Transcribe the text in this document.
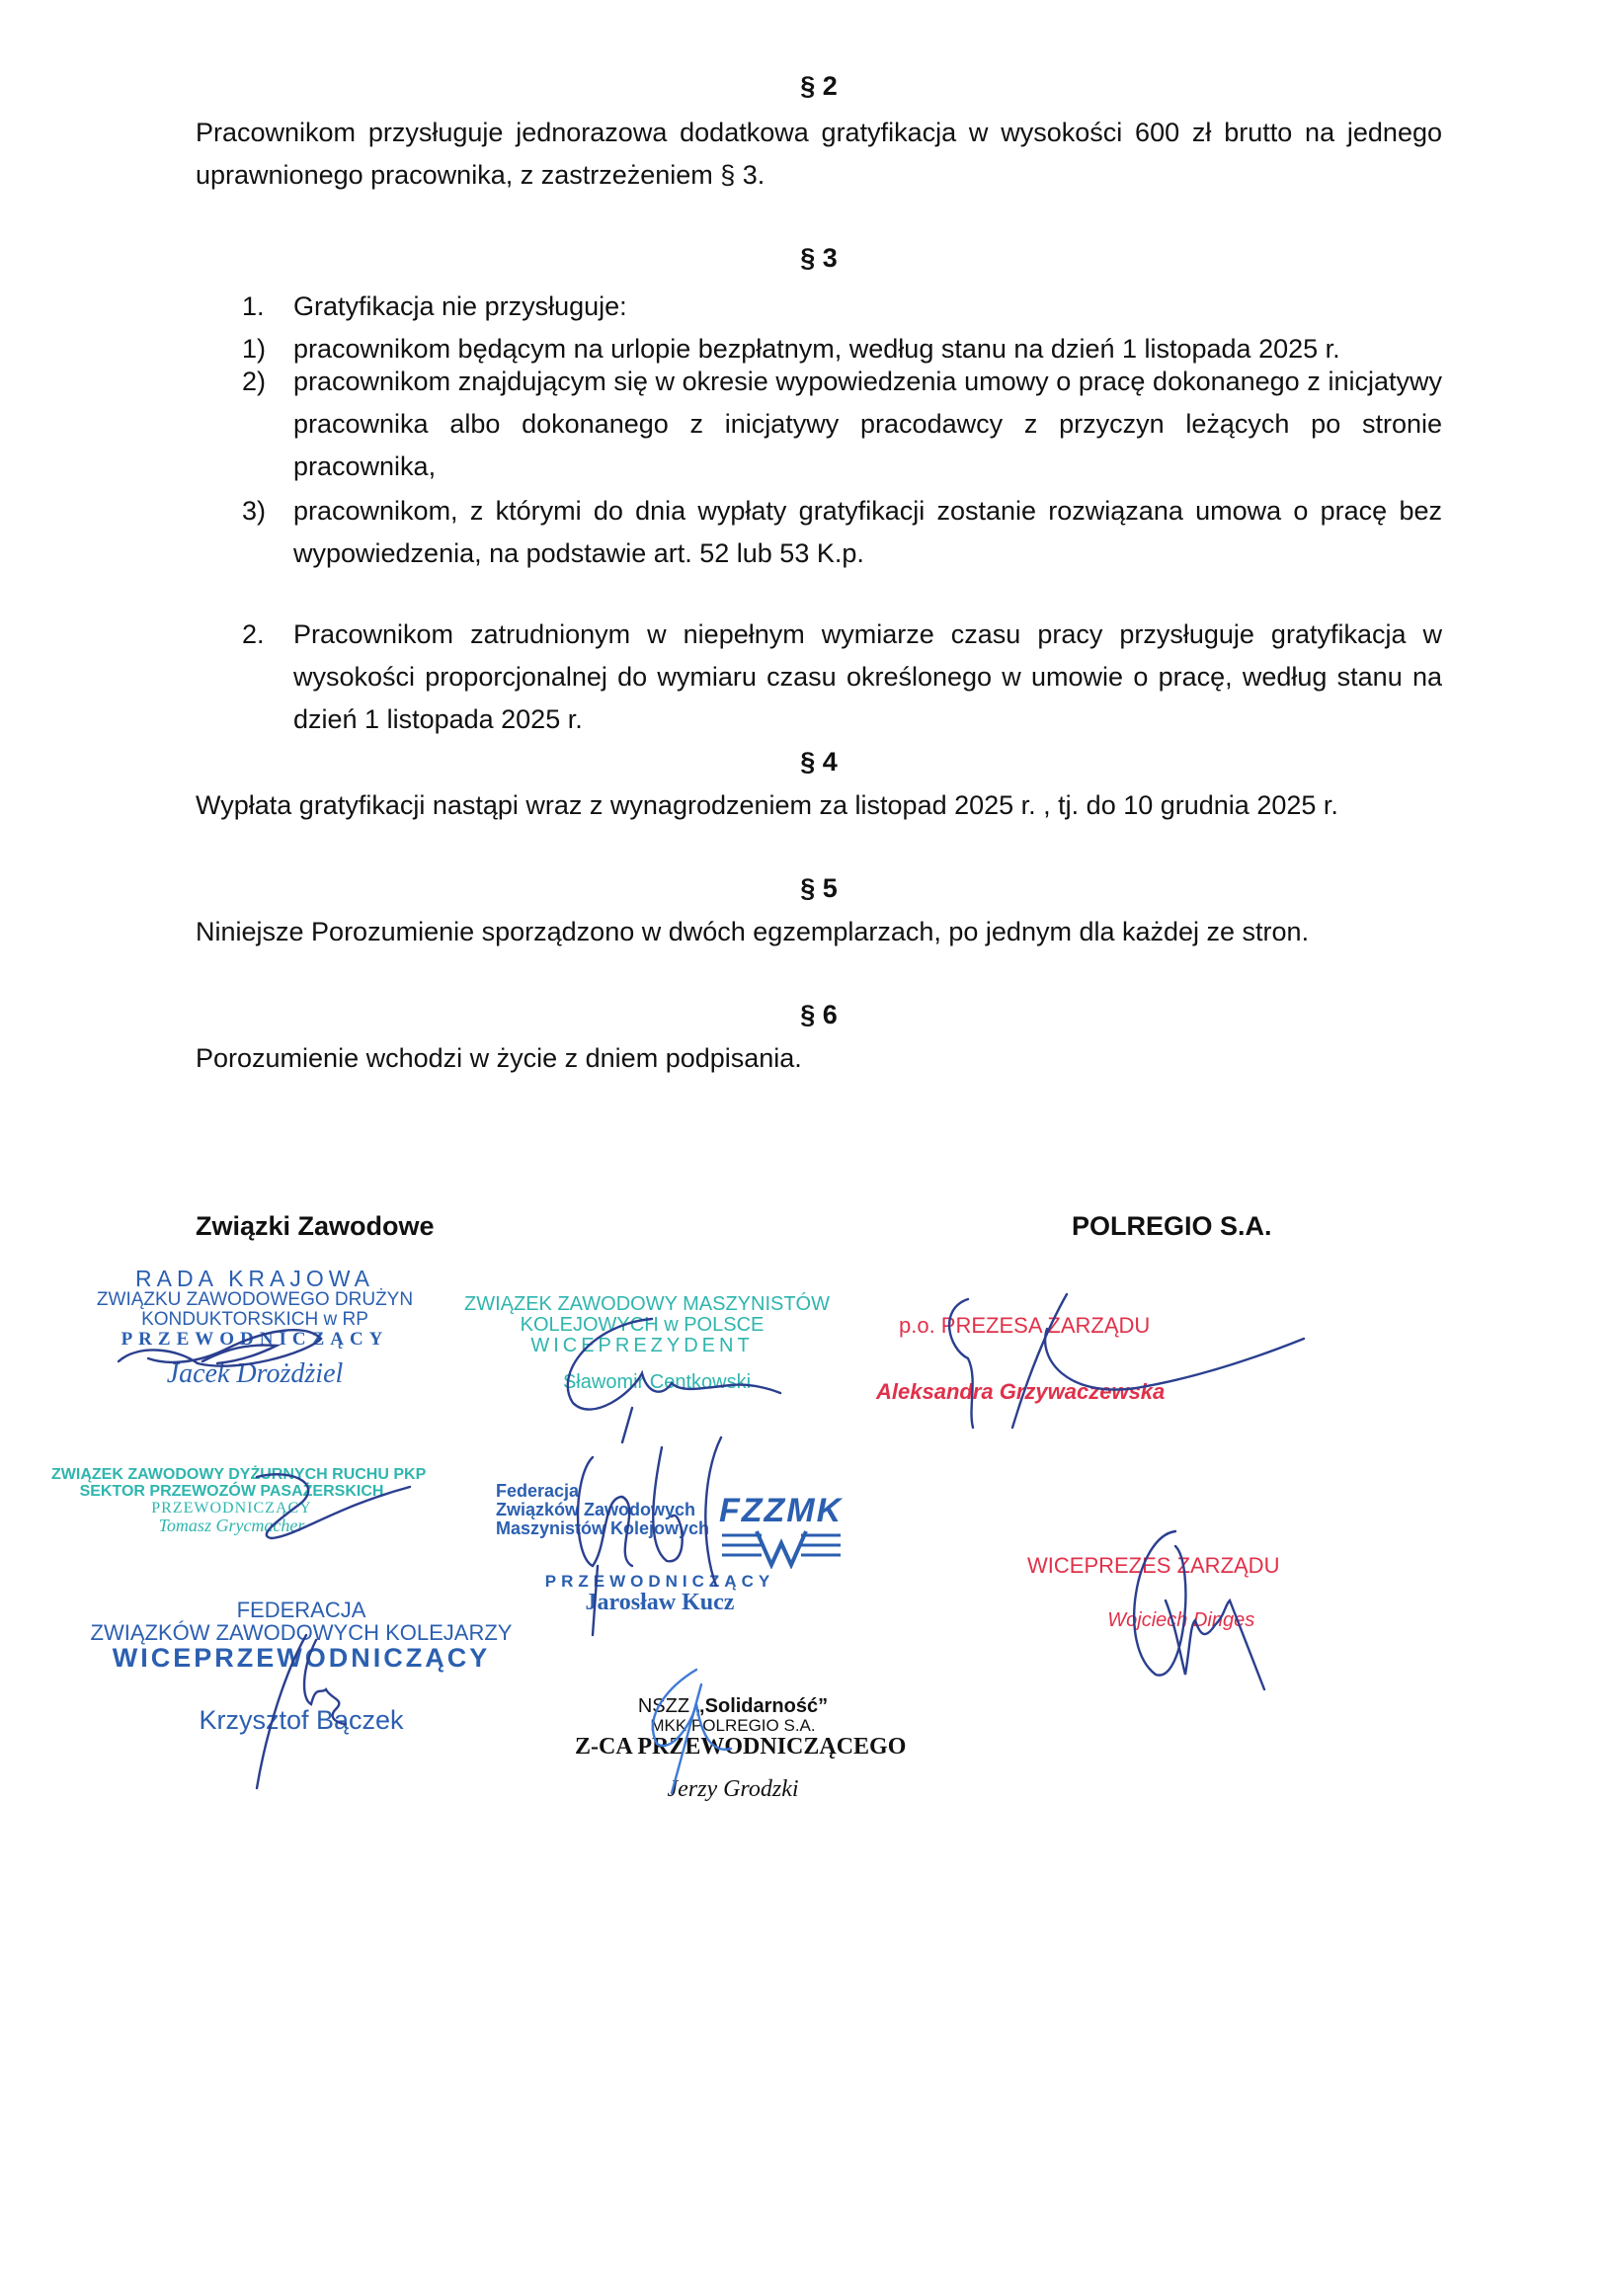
§ 2
Pracownikom przysługuje jednorazowa dodatkowa gratyfikacja w wysokości 600 zł brutto na jednego uprawnionego pracownika, z zastrzeżeniem § 3.
§ 3
1. Gratyfikacja nie przysługuje:
1) pracownikom będącym na urlopie bezpłatnym, według stanu na dzień 1 listopada 2025 r.
2) pracownikom znajdującym się w okresie wypowiedzenia umowy o pracę dokonanego z inicjatywy pracownika albo dokonanego z inicjatywy pracodawcy z przyczyn leżących po stronie pracownika,
3) pracownikom, z którymi do dnia wypłaty gratyfikacji zostanie rozwiązana umowa o pracę bez wypowiedzenia, na podstawie art. 52 lub 53 K.p.
2. Pracownikom zatrudnionym w niepełnym wymiarze czasu pracy przysługuje gratyfikacja w wysokości proporcjonalnej do wymiaru czasu określonego w umowie o pracę, według stanu na dzień 1 listopada 2025 r.
§ 4
Wypłata gratyfikacji nastąpi wraz z wynagrodzeniem za listopad 2025 r. , tj. do 10 grudnia 2025 r.
§ 5
Niniejsze Porozumienie sporządzono w dwóch egzemplarzach, po jednym dla każdej ze stron.
§ 6
Porozumienie wchodzi w życie z dniem podpisania.
Związki Zawodowe	POLREGIO S.A.
RADA KRAJOWA
ZWIĄZKU ZAWODOWEGO DRUŻYN
KONDUKTORSKICH w RP
PRZEWODNICZĄCY
Jacek Drożdżiel
ZWIĄZEK ZAWODOWY MASZYNISTÓW
KOLEJOWYCH w POLSCE
WICEPREZYDENT
Sławomir Centkowski
p.o. PREZESA ZARZĄDU
Aleksandra Grzywaczewska
ZWIĄZEK ZAWODOWY DYŻURNYCH RUCHU PKP
SEKTOR PRZEWOZÓW PASAŻERSKICH
PRZEWODNICZĄCY
Tomasz Grycmacher
Federacja
Związków Zawodowych
Maszynistów Kolejowych FZZMK
PRZEWODNICZĄCY
Jarosław Kucz
WICEPREZES ZARZĄDU
Wojciech Dinges
FEDERACJA
ZWIĄZKÓW ZAWODOWYCH KOLEJARZY
WICEPRZEWODNICZĄCY
Krzysztof Bączek	NSZZ „Solidarność”
MKK POLREGIO S.A.
Z-CA PRZEWODNICZĄCEGO
Jerzy Grodzki
